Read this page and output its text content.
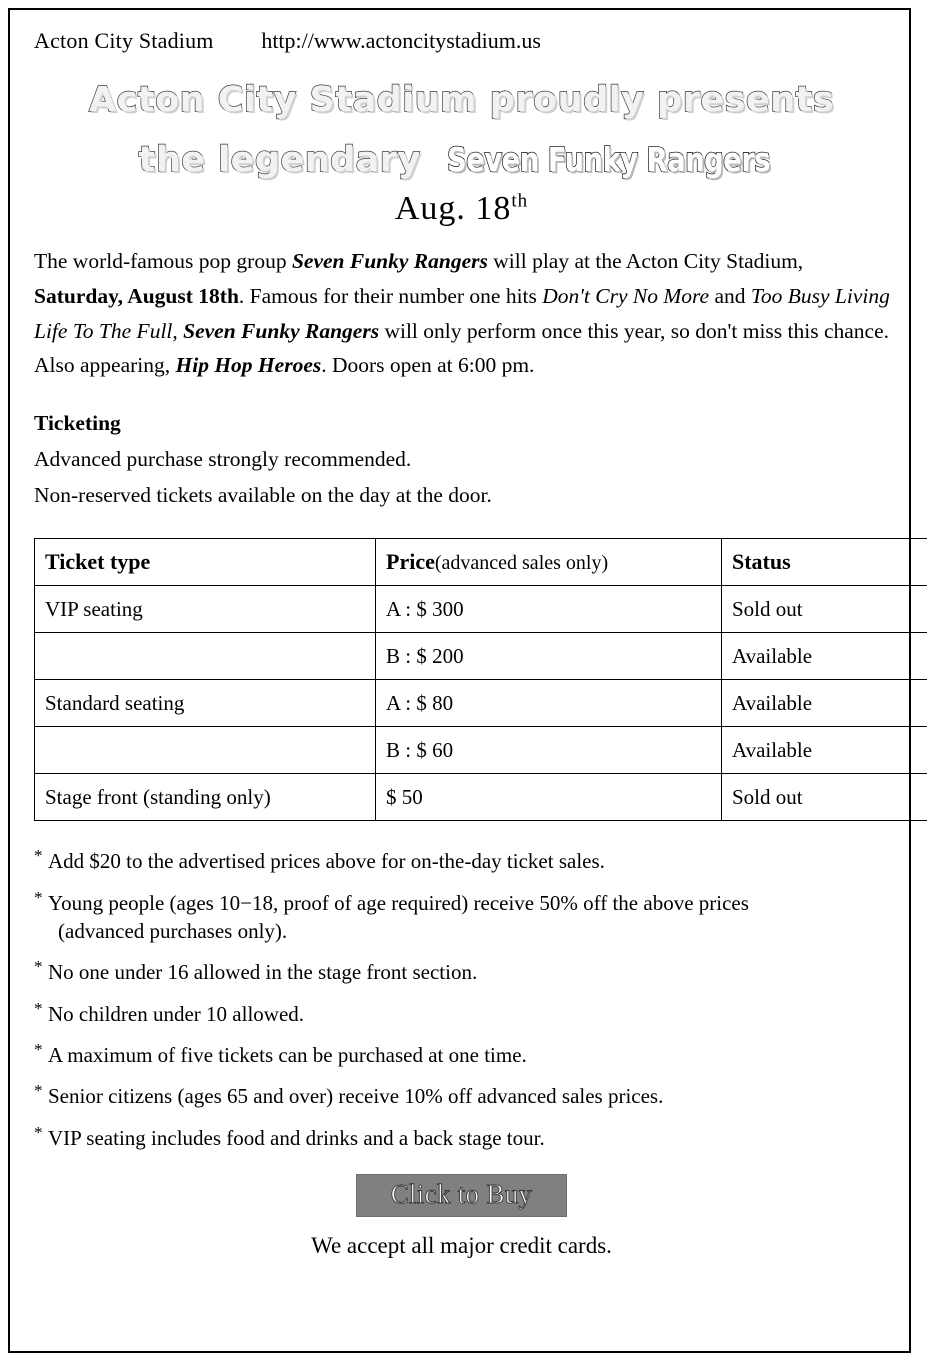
Acton City Stadium http://www.actoncitystadium.us
Acton City Stadium proudly presents
the legendary Seven Funky Rangers
Aug. 18th
The world-famous pop group Seven Funky Rangers will play at the Acton City Stadium, Saturday, August 18th. Famous for their number one hits Don't Cry No More and Too Busy Living Life To The Full, Seven Funky Rangers will only perform once this year, so don't miss this chance. Also appearing, Hip Hop Heroes. Doors open at 6:00 pm.
Ticketing
Advanced purchase strongly recommended.
Non-reserved tickets available on the day at the door.
Ticket type	Price(advanced sales only)	Status
VIP seating	A : $ 300	Sold out
	B : $ 200	Available
Standard seating	A : $ 80	Available
	B : $ 60	Available
Stage front (standing only)	$ 50	Sold out
* Add $20 to the advertised prices above for on-the-day ticket sales.
* Young people (ages 10−18, proof of age required) receive 50% off the above prices
(advanced purchases only).
* No one under 16 allowed in the stage front section.
* No children under 10 allowed.
* A maximum of five tickets can be purchased at one time.
* Senior citizens (ages 65 and over) receive 10% off advanced sales prices.
* VIP seating includes food and drinks and a back stage tour.
Click to Buy
We accept all major credit cards.
